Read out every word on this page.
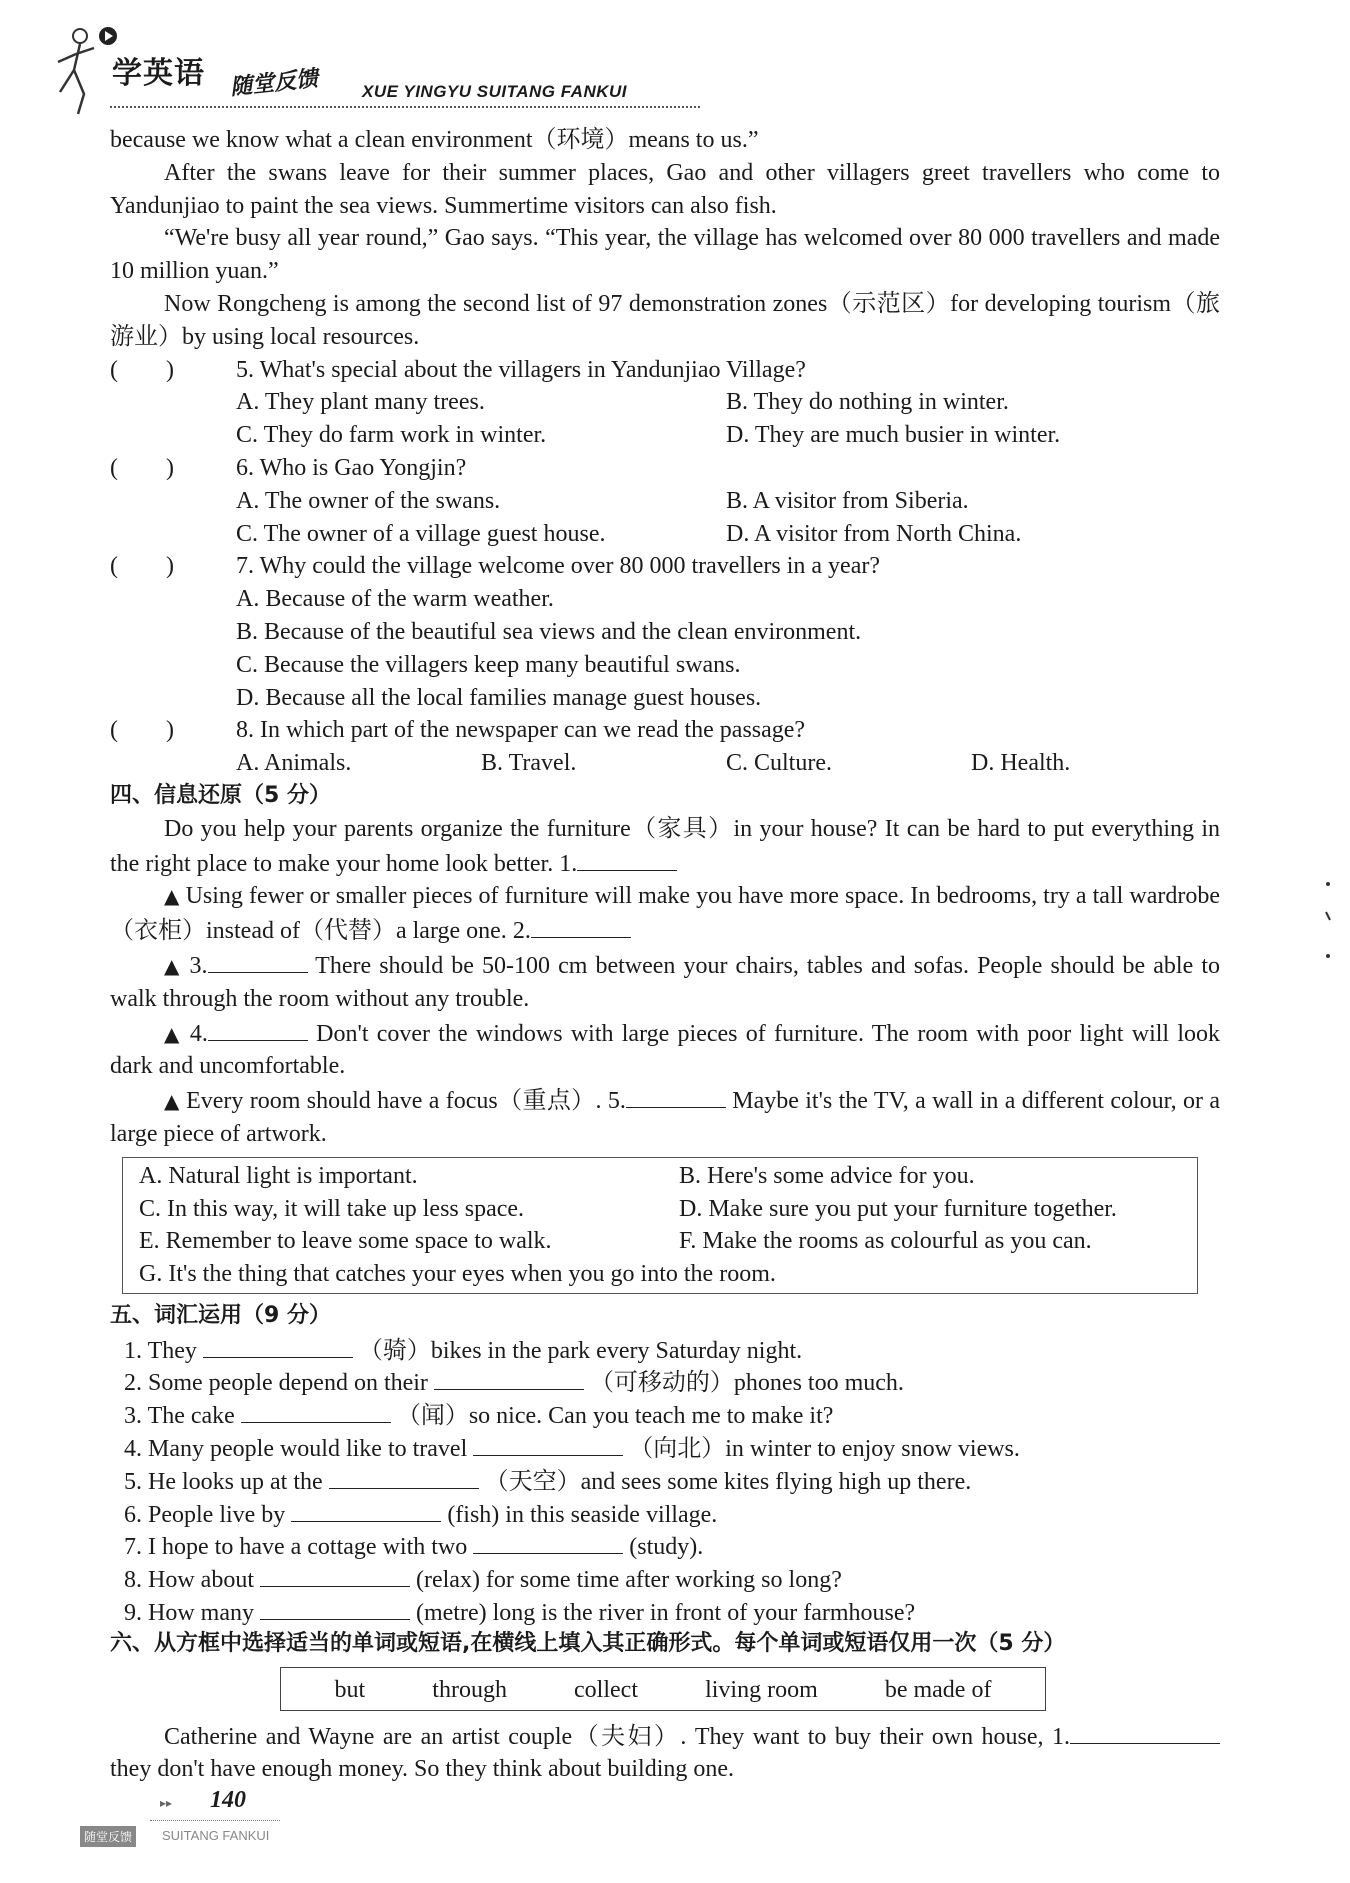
学英语 随堂反馈	XUE YINGYU SUITANG FANKUI

because we know what a clean environment（环境）means to us.”

After the swans leave for their summer places, Gao and other villagers greet travellers who come to Yandunjiao to paint the sea views. Summertime visitors can also fish.

“We're busy all year round,” Gao says. “This year, the village has welcomed over 80 000 travellers and made 10 million yuan.”

Now Rongcheng is among the second list of 97 demonstration zones（示范区）for developing tourism（旅游业）by using local resources.

(　　)	5. What's special about the villagers in Yandunjiao Village?
A. They plant many trees.	B. They do nothing in winter.
C. They do farm work in winter.	D. They are much busier in winter.
(　　)	6. Who is Gao Yongjin?
A. The owner of the swans.	B. A visitor from Siberia.
C. The owner of a village guest house.	D. A visitor from North China.
(　　)	7. Why could the village welcome over 80 000 travellers in a year?
A. Because of the warm weather.
B. Because of the beautiful sea views and the clean environment.
C. Because the villagers keep many beautiful swans.
D. Because all the local families manage guest houses.
(　　)	8. In which part of the newspaper can we read the passage?
A. Animals.	B. Travel.	C. Culture.	D. Health.
四、信息还原（5 分）

Do you help your parents organize the furniture（家具）in your house? It can be hard to put everything in the right place to make your home look better. 1.

▲ Using fewer or smaller pieces of furniture will make you have more space. In bedrooms, try a tall wardrobe（衣柜）instead of（代替）a large one. 2.

▲ 3.	There should be 50-100 cm between your chairs, tables and sofas. People should be able to walk through the room without any trouble.

▲ 4.	Don't cover the windows with large pieces of furniture. The room with poor light will look dark and uncomfortable.

▲ Every room should have a focus（重点）. 5.	Maybe it's the TV, a wall in a different colour, or a large piece of artwork.

A. Natural light is important.	B. Here's some advice for you.
C. In this way, it will take up less space.	D. Make sure you put your furniture together.
E. Remember to leave some space to walk.	F. Make the rooms as colourful as you can.
G. It's the thing that catches your eyes when you go into the room.
五、词汇运用（9 分）
1. They	（骑）bikes in the park every Saturday night.
2. Some people depend on their	（可移动的）phones too much.
3. The cake	（闻）so nice. Can you teach me to make it?
4. Many people would like to travel	（向北）in winter to enjoy snow views.
5. He looks up at the	（天空）and sees some kites flying high up there.
6. People live by	(fish) in this seaside village.
7. I hope to have a cottage with two	(study).
8. How about	(relax) for some time after working so long?
9. How many	(metre) long is the river in front of your farmhouse?
六、从方框中选择适当的单词或短语,在横线上填入其正确形式。每个单词或短语仅用一次（5 分）
but	through	collect	living room	be made of

Catherine and Wayne are an artist couple（夫妇）. They want to buy their own house, 1. they don't have enough money. So they think about building one.

▸▸ 140
随堂反馈	SUITANG FANKUI
